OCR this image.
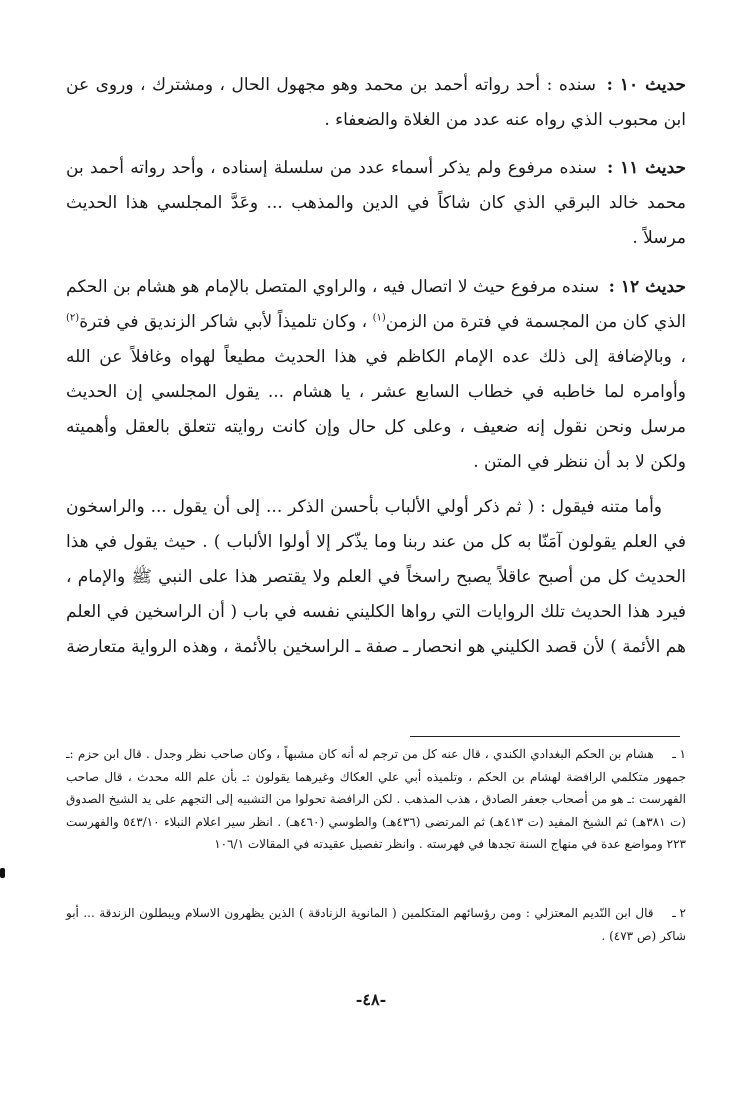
حديث ١٠ : سنده : أحد رواته أحمد بن محمد وهو مجهول الحال ، ومشترك ، وروى عن ابن محبوب الذي رواه عنه عدد من الغلاة والضعفاء .
حديث ١١ : سنده مرفوع ولم يذكر أسماء عدد من سلسلة إسناده ، وأحد رواته أحمد بن محمد خالد البرقي الذي كان شاكاً في الدين والمذهب ... وعَدَّ المجلسي هذا الحديث مرسلاً .
حديث ١٢ : سنده مرفوع حيث لا اتصال فيه ، والراوي المتصل بالإمام هو هشام بن الحكم الذي كان من المجسمة في فترة من الزمن$^{(١)}$ ، وكان تلميذاً لأبي شاكر الزنديق في فترة$^{(٢)}$ ، وبالإضافة إلى ذلك عده الإمام الكاظم في هذا الحديث مطيعاً لهواه وغافلاً عن الله وأوامره لما خاطبه في خطاب السابع عشر ، يا هشام ... يقول المجلسي إن الحديث مرسل ونحن نقول إنه ضعيف ، وعلى كل حال وإن كانت روايته تتعلق بالعقل وأهميته ولكن لا بد أن ننظر في المتن .
وأما متنه فيقول : ( ثم ذكر أولي الألباب بأحسن الذكر ... إلى أن يقول ... والراسخون في العلم يقولون آمَنّا به كل من عند ربنا وما يذّكر إلا أولوا الألباب ) . حيث يقول في هذا الحديث كل من أصبح عاقلاً يصبح راسخاً في العلم ولا يقتصر هذا على النبي ﷺ والإمام ، فيرد هذا الحديث تلك الروايات التي رواها الكليني نفسه في باب ( أن الراسخين في العلم هم الأئمة ) لأن قصد الكليني هو انحصار ـ صفة ـ الراسخين بالأئمة ، وهذه الرواية متعارضة
١ ـ هشام بن الحكم البغدادي الكندي ، قال عنه كل من ترجم له أنه كان مشبهاً ، وكان صاحب نظر وجدل . قال ابن حزم :ـ جمهور متكلمي الرافضة لهشام بن الحكم ، وتلميذه أبي علي العكاك وغيرهما يقولون :ـ بأن علم الله محدث ، قال صاحب الفهرست :ـ هو من أصحاب جعفر الصادق ، هذب المذهب . لكن الرافضة تحولوا من التشبيه إلى التجهم على يد الشيخ الصدوق (ت ٣٨١هـ) ثم الشيخ المفيد (ت ٤١٣هـ) ثم المرتضى (٤٣٦هـ) والطوسي (٤٦٠هـ) . انظر سير اعلام النبلاء ٥٤٣/١٠ والفهرست ٢٢٣ ومواضع عدة في منهاج السنة تجدها في فهرسته . وانظر تفصيل عقيدته في المقالات ١٠٦/١
٢ ـ قال ابن النّديم المعتزلي : ومن رؤسائهم المتكلمين ( المانوية الزنادقة ) الذين يظهرون الاسلام ويبطلون الزندقة ... أبو شاكر (ص ٤٧٣) .
-٤٨-
